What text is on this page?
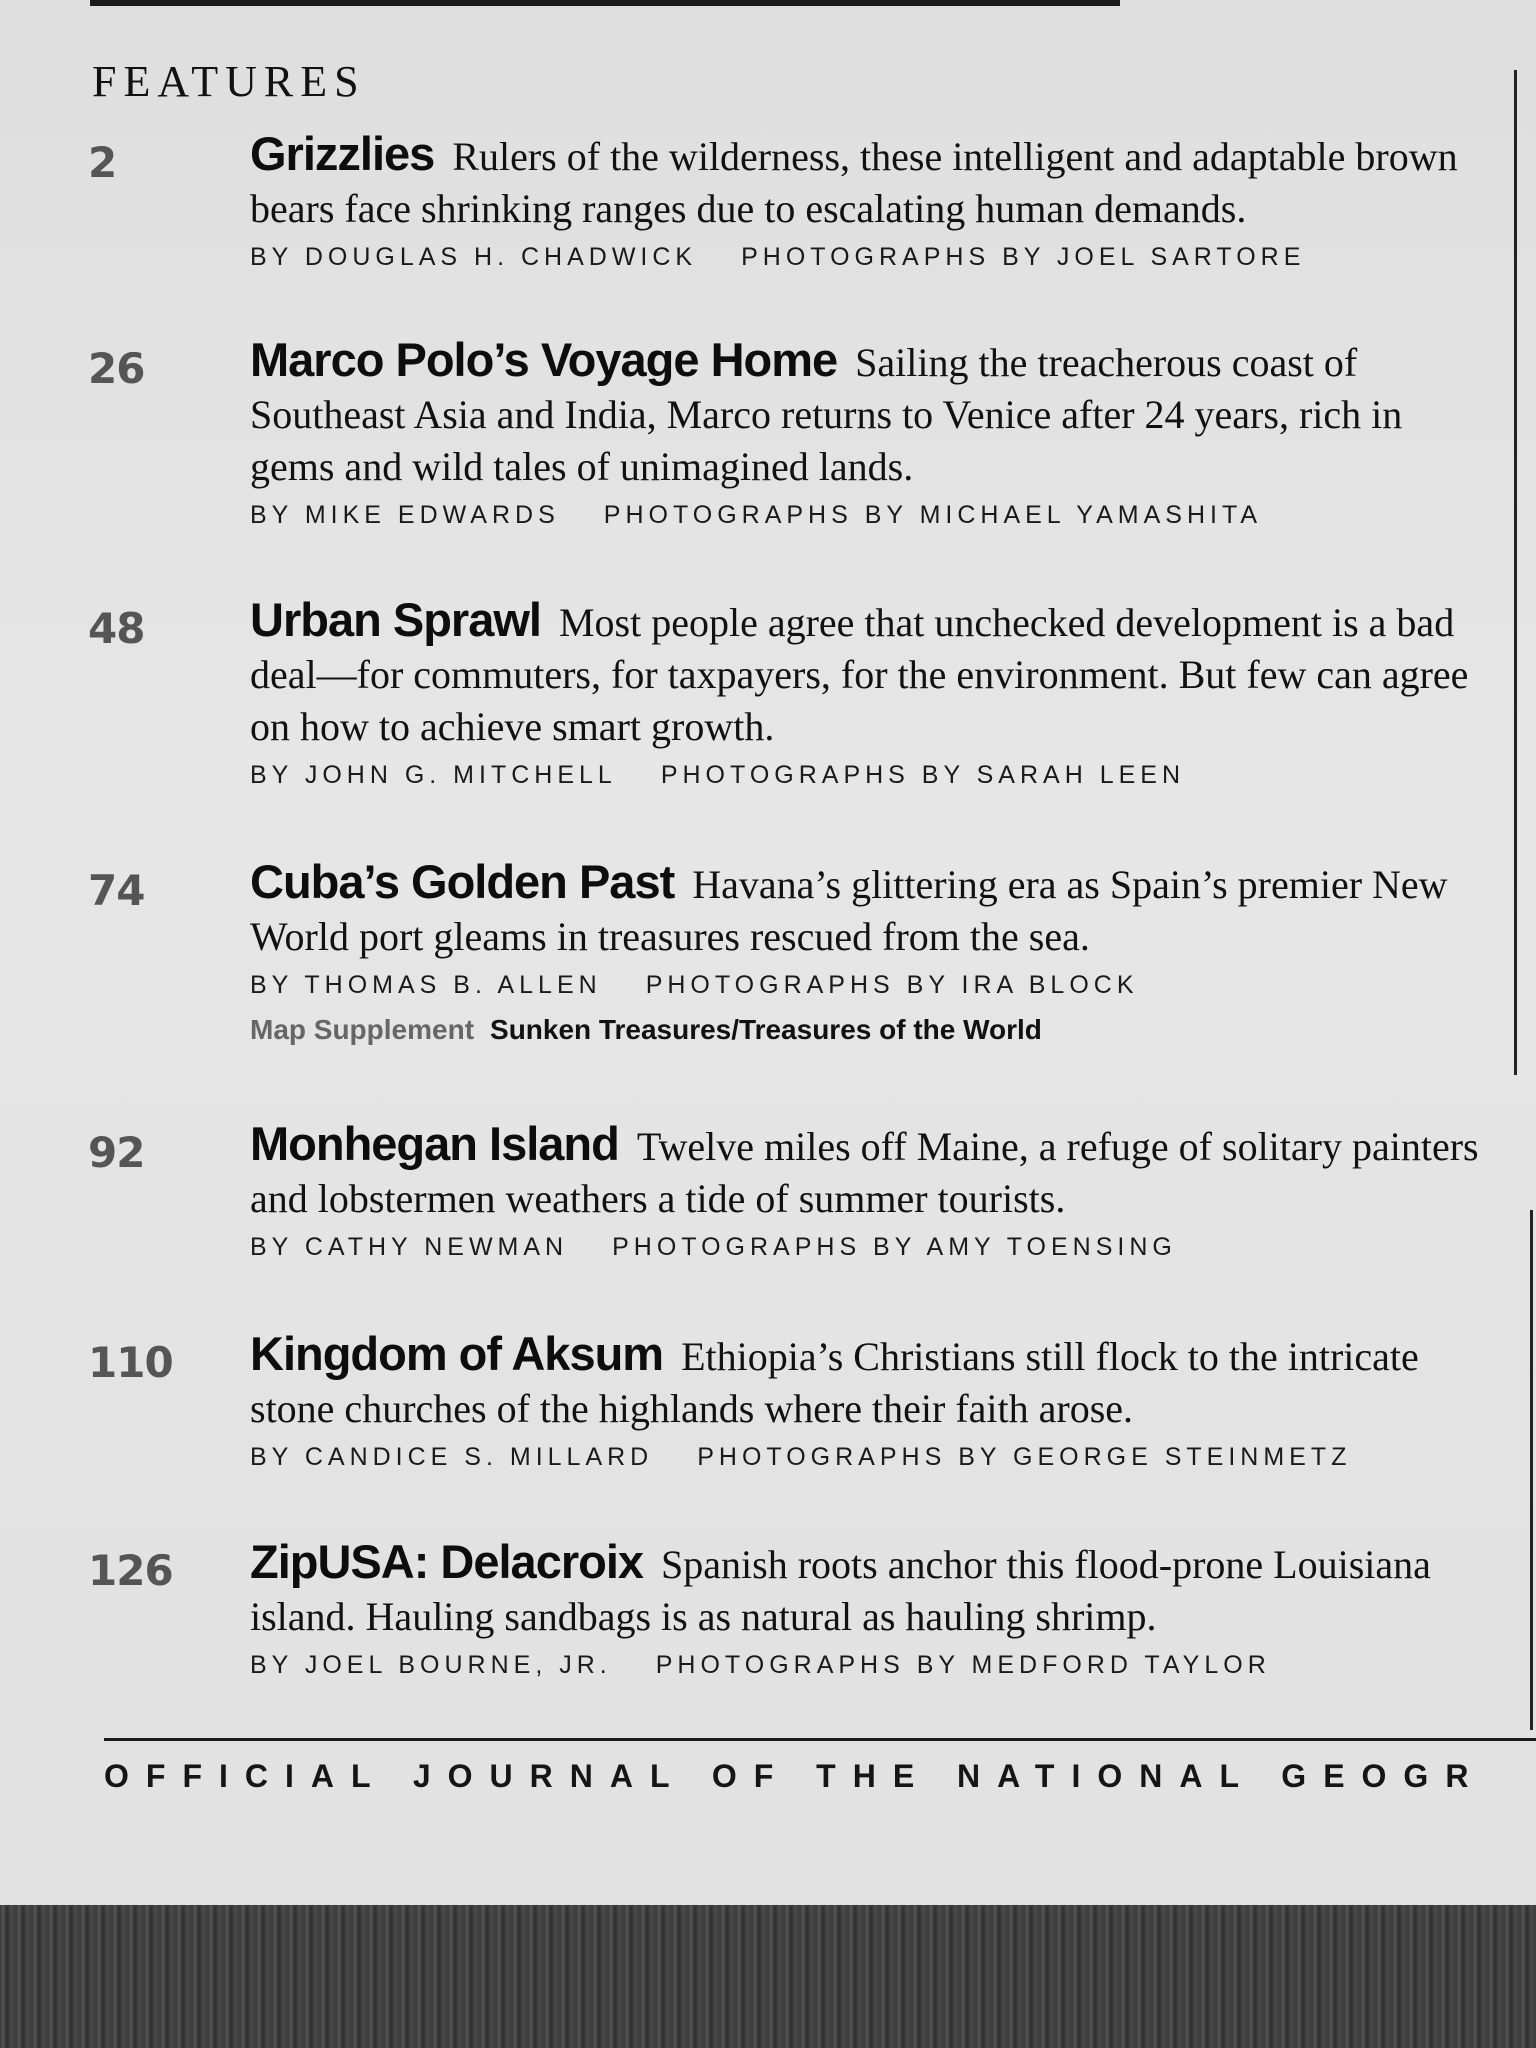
FEATURES
2	Grizzlies Rulers of the wilderness, these intelligent and adaptable brown bears face shrinking ranges due to escalating human demands.

BY DOUGLAS H. CHADWICK PHOTOGRAPHS BY JOEL SARTORE
26 Marco Polo’s Voyage Home Sailing the treacherous coast of Southeast Asia and India, Marco returns to Venice after 24 years, rich in gems and wild tales of unimagined lands.

BY MIKE EDWARDS PHOTOGRAPHS BY MICHAEL YAMASHITA
48 Urban Sprawl Most people agree that unchecked development is a bad deal—for commuters, for taxpayers, for the environment. But few can agree on how to achieve smart growth.

BY JOHN G. MITCHELL PHOTOGRAPHS BY SARAH LEEN
74 Cuba’s Golden Past Havana’s glittering era as Spain’s premier New World port gleams in treasures rescued from the sea.

BY THOMAS B. ALLEN PHOTOGRAPHS BY IRA BLOCK
Map Supplement Sunken Treasures/Treasures of the World
92 Monhegan Island Twelve miles off Maine, a refuge of solitary painters and lobstermen weathers a tide of summer tourists.

BY CATHY NEWMAN PHOTOGRAPHS BY AMY TOENSING
110 Kingdom of Aksum Ethiopia’s Christians still flock to the intricate stone churches of the highlands where their faith arose.

BY CANDICE S. MILLARD PHOTOGRAPHS BY GEORGE STEINMETZ
126 ZipUSA: Delacroix Spanish roots anchor this flood-prone Louisiana island. Hauling sandbags is as natural as hauling shrimp.

BY JOEL BOURNE, JR. PHOTOGRAPHS BY MEDFORD TAYLOR
OFFICIAL JOURNAL OF THE NATIONAL GEOGR
